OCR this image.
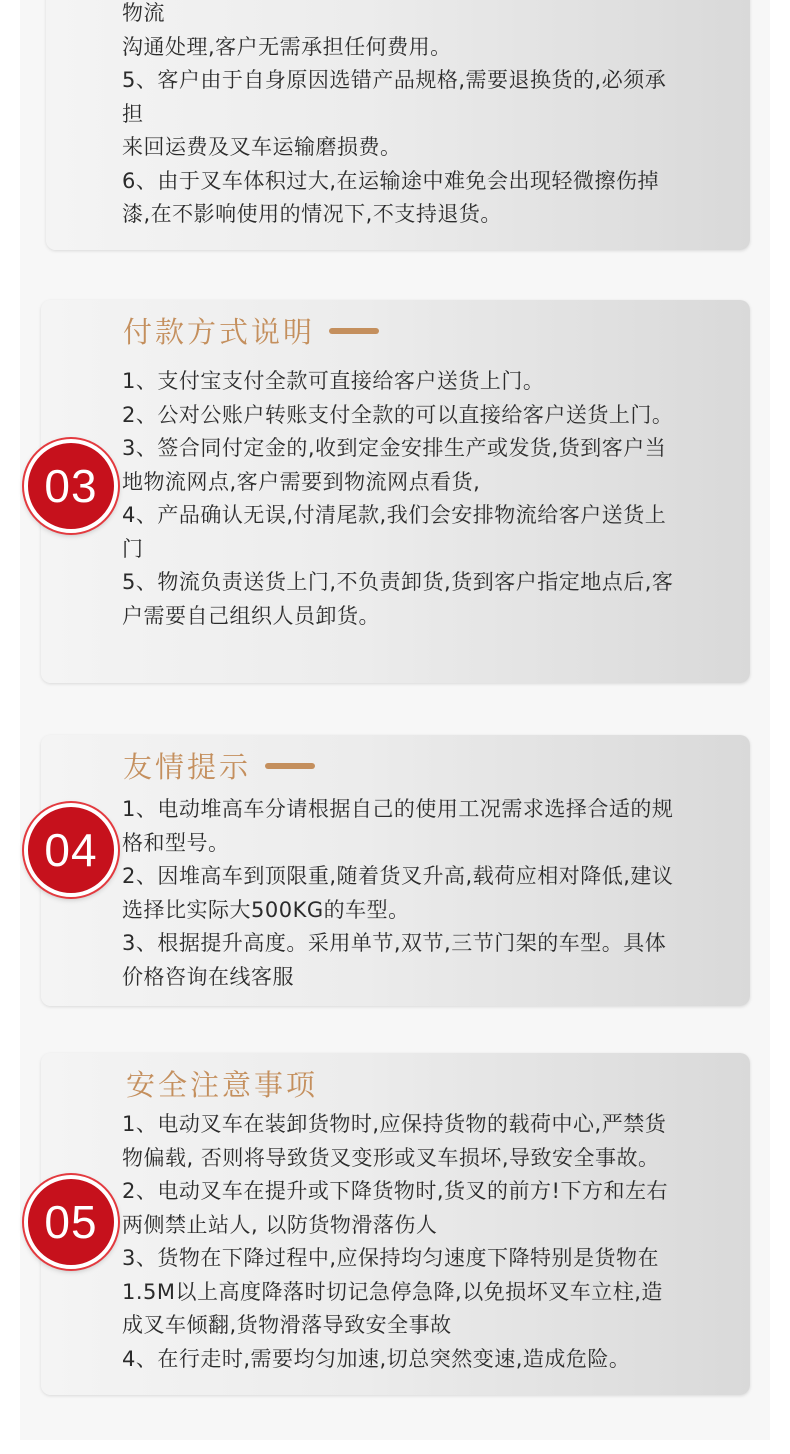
物流
沟通处理,客户无需承担任何费用。
5、客户由于自身原因选错产品规格,需要退换货的,必须承
担
来回运费及叉车运输磨损费。
6、由于叉车体积过大,在运输途中难免会出现轻微擦伤掉
漆,在不影响使用的情况下,不支持退货。
付款方式说明
1、支付宝支付全款可直接给客户送货上门。
2、公对公账户转账支付全款的可以直接给客户送货上门。
3、签合同付定金的,收到定金安排生产或发货,货到客户当
地物流网点,客户需要到物流网点看货,
4、产品确认无误,付清尾款,我们会安排物流给客户送货上
门
5、物流负责送货上门,不负责卸货,货到客户指定地点后,客
户需要自己组织人员卸货。
03
友情提示
1、电动堆高车分请根据自己的使用工况需求选择合适的规
格和型号。
2、因堆高车到顶限重,随着货叉升高,载荷应相对降低,建议
选择比实际大500KG的车型。
3、根据提升高度。采用单节,双节,三节门架的车型。具体
价格咨询在线客服
04
安全注意事项
1、电动叉车在装卸货物时,应保持货物的载荷中心,严禁货
物偏载, 否则将导致货叉变形或叉车损坏,导致安全事故。
2、电动叉车在提升或下降货物时,货叉的前方!下方和左右
两侧禁止站人, 以防货物滑落伤人
3、货物在下降过程中,应保持均匀速度下降特别是货物在
1.5M以上高度降落时切记急停急降,以免损坏叉车立柱,造
成叉车倾翻,货物滑落导致安全事故
4、在行走时,需要均匀加速,切总突然变速,造成危险。
05
